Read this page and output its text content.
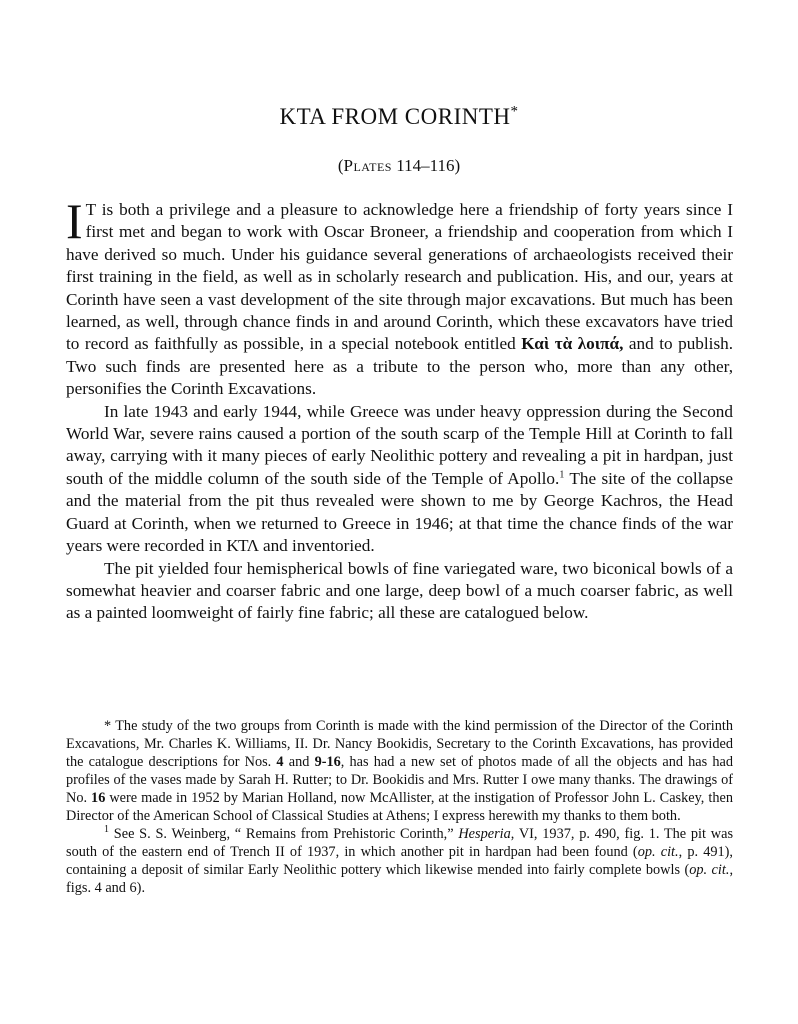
KTA FROM CORINTH*
(Plates 114–116)

I T is both a privilege and a pleasure to acknowledge here a friendship of forty years since I first met and began to work with Oscar Broneer, a friendship and cooperation from which I have derived so much. Under his guidance several generations of archaeologists received their first training in the field, as well as in scholarly research and publication. His, and our, years at Corinth have seen a vast development of the site through major excavations. But much has been learned, as well, through chance finds in and around Corinth, which these excavators have tried to record as faithfully as possible, in a special notebook entitled Καὶ τὰ λοιπά, and to publish. Two such finds are presented here as a tribute to the person who, more than any other, personifies the Corinth Excavations.

In late 1943 and early 1944, while Greece was under heavy oppression during the Second World War, severe rains caused a portion of the south scarp of the Temple Hill at Corinth to fall away, carrying with it many pieces of early Neolithic pottery and revealing a pit in hardpan, just south of the middle column of the south side of the Temple of Apollo.$^1$ The site of the collapse and the material from the pit thus revealed were shown to me by George Kachros, the Head Guard at Corinth, when we returned to Greece in 1946; at that time the chance finds of the war years were recorded in ΚΤΛ and inventoried.

The pit yielded four hemispherical bowls of fine variegated ware, two biconical bowls of a somewhat heavier and coarser fabric and one large, deep bowl of a much coarser fabric, as well as a painted loomweight of fairly fine fabric; all these are catalogued below.

* The study of the two groups from Corinth is made with the kind permission of the Director of the Corinth Excavations, Mr. Charles K. Williams, II. Dr. Nancy Bookidis, Secretary to the Corinth Excavations, has provided the catalogue descriptions for Nos. 4 and 9-16, has had a new set of photos made of all the objects and has had profiles of the vases made by Sarah H. Rutter; to Dr. Bookidis and Mrs. Rutter I owe many thanks. The drawings of No. 16 were made in 1952 by Marian Holland, now McAllister, at the instigation of Professor John L. Caskey, then Director of the American School of Classical Studies at Athens; I express herewith my thanks to them both.

$^1$ See S. S. Weinberg, “ Remains from Prehistoric Corinth,” Hesperia, VI, 1937, p. 490, fig. 1. The pit was south of the eastern end of Trench II of 1937, in which another pit in hardpan had been found (op. cit., p. 491), containing a deposit of similar Early Neolithic pottery which likewise mended into fairly complete bowls (op. cit., figs. 4 and 6).
